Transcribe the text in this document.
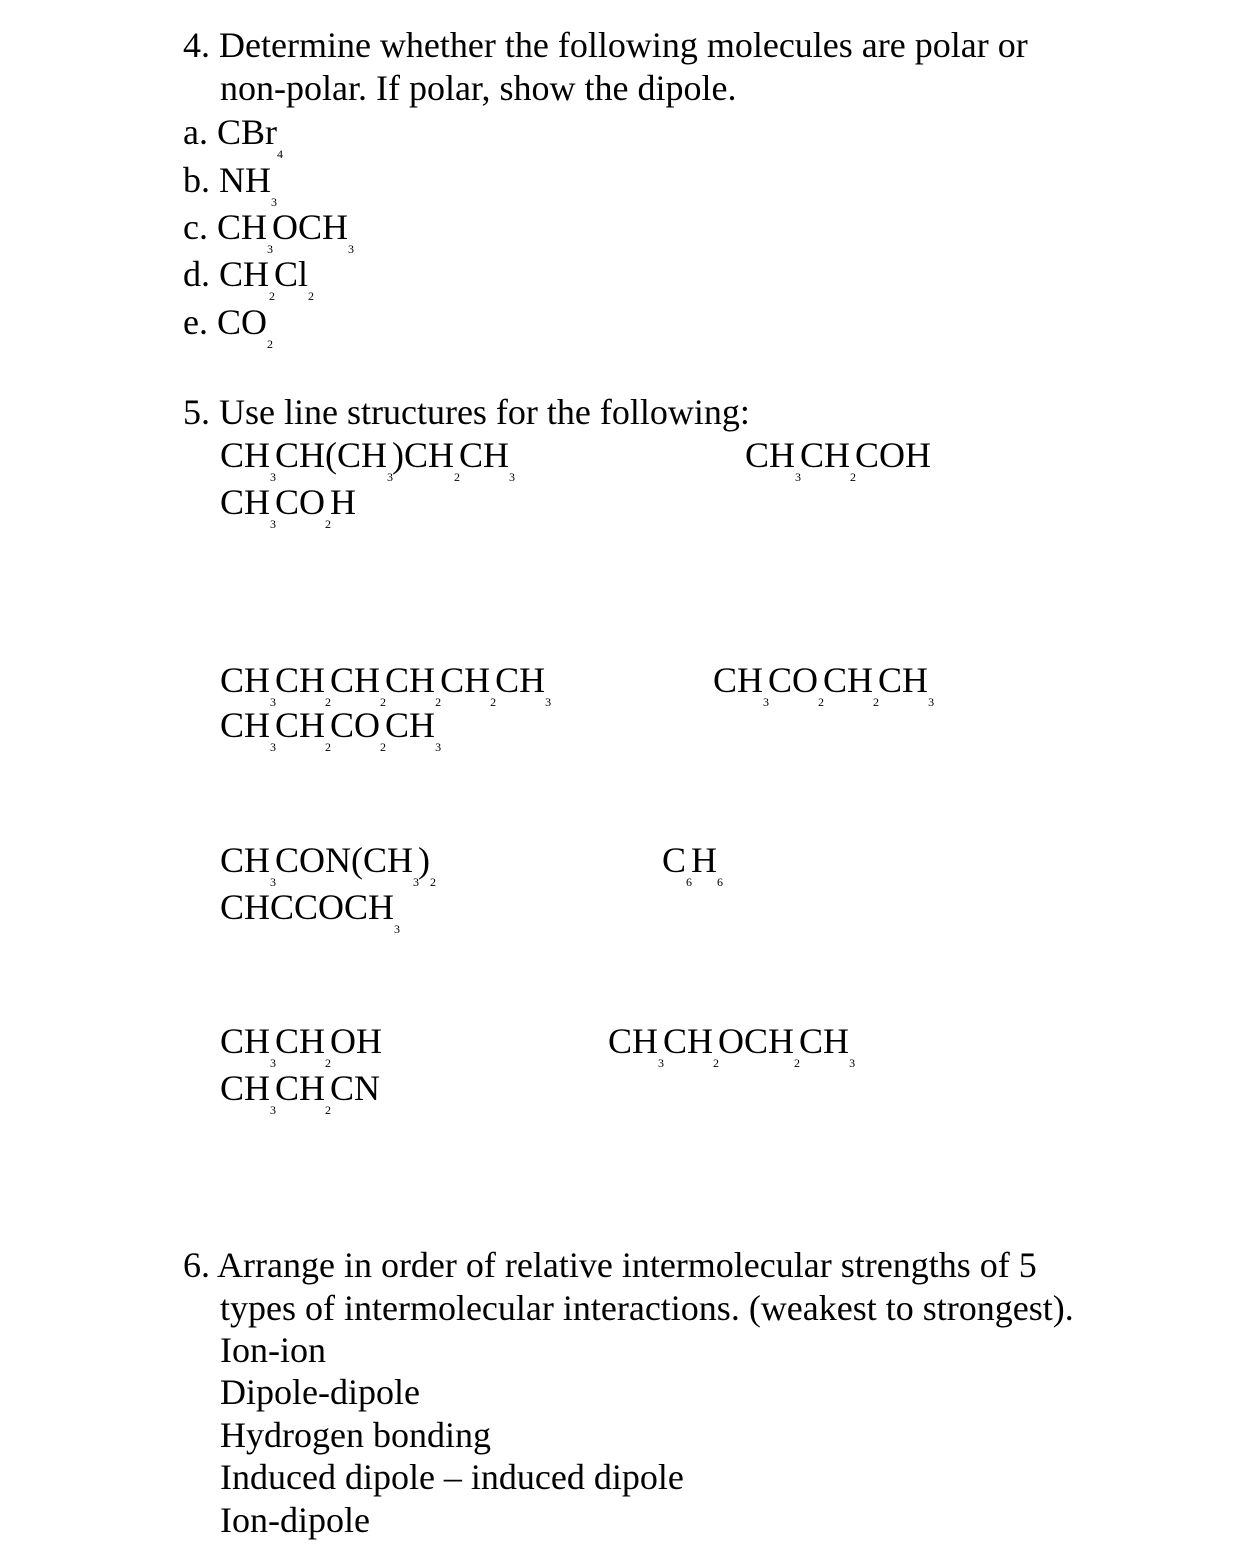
4. Determine whether the following molecules are polar or
non-polar. If polar, show the dipole.
a. CBr$_4$
b. $NH_3$
c. $CH_3OCH_3$
d. $CH_2Cl_2$
e. $CO_2$
5. Use line structures for the following:
$CH_3CH(CH_3)CH_2CH_3$
$CH_3CH_2COH$
$CH_3CO_2H$
$CH_3CH_2CH_2CH_2CH_2CH_3$
$CH_3CO_2CH_2CH_3$
$CH_3CH_2CO_2CH_3$
$CH_3CON(CH_3)_2$
$C_6H_6$
$CHCCOCH_3$
$CH_3CH_2OH$	$CH_3CH_2OCH_2CH_3$
$CH_3CH_2CN$
6. Arrange in order of relative intermolecular strengths of 5
types of intermolecular interactions. (weakest to strongest).
Ion-ion
Dipole-dipole
Hydrogen bonding
Induced dipole – induced dipole
Ion-dipole
